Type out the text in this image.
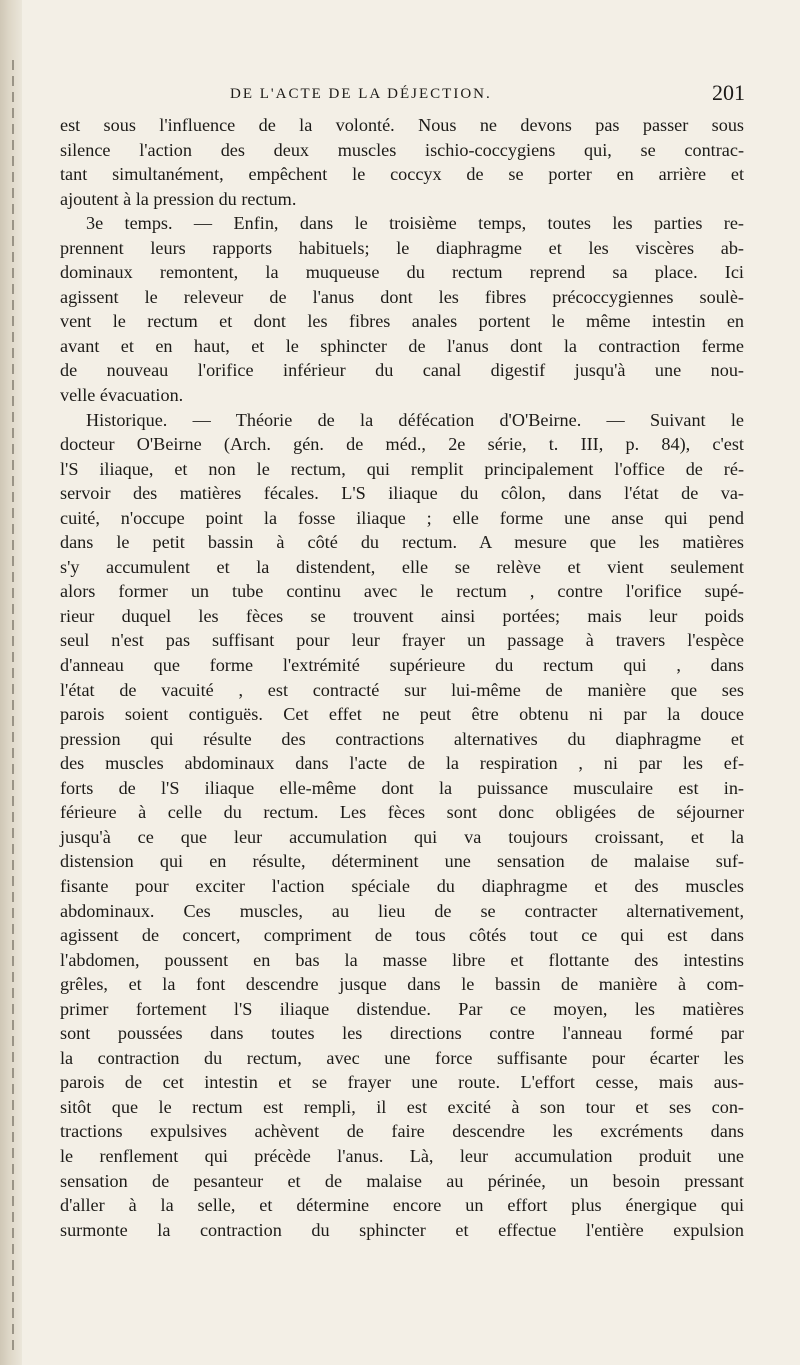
DE L'ACTE DE LA DÉJECTION.	201
est sous l'influence de la volonté. Nous ne devons pas passer sous
silence l'action des deux muscles ischio-coccygiens qui, se contrac-
tant simultanément, empêchent le coccyx de se porter en arrière et
ajoutent à la pression du rectum.
3e temps. — Enfin, dans le troisième temps, toutes les parties re-
prennent leurs rapports habituels; le diaphragme et les viscères ab-
dominaux remontent, la muqueuse du rectum reprend sa place. Ici
agissent le releveur de l'anus dont les fibres précoccygiennes soulè-
vent le rectum et dont les fibres anales portent le même intestin en
avant et en haut, et le sphincter de l'anus dont la contraction ferme
de nouveau l'orifice inférieur du canal digestif jusqu'à une nou-
velle évacuation.
Historique. — Théorie de la défécation d'O'Beirne. — Suivant le
docteur O'Beirne (Arch. gén. de méd., 2e série, t. III, p. 84), c'est
l'S iliaque, et non le rectum, qui remplit principalement l'office de ré-
servoir des matières fécales. L'S iliaque du côlon, dans l'état de va-
cuité, n'occupe point la fosse iliaque ; elle forme une anse qui pend
dans le petit bassin à côté du rectum. A mesure que les matières
s'y accumulent et la distendent, elle se relève et vient seulement
alors former un tube continu avec le rectum , contre l'orifice supé-
rieur duquel les fèces se trouvent ainsi portées; mais leur poids
seul n'est pas suffisant pour leur frayer un passage à travers l'espèce
d'anneau que forme l'extrémité supérieure du rectum qui , dans
l'état de vacuité , est contracté sur lui-même de manière que ses
parois soient contiguës. Cet effet ne peut être obtenu ni par la douce
pression qui résulte des contractions alternatives du diaphragme et
des muscles abdominaux dans l'acte de la respiration , ni par les ef-
forts de l'S iliaque elle-même dont la puissance musculaire est in-
férieure à celle du rectum. Les fèces sont donc obligées de séjourner
jusqu'à ce que leur accumulation qui va toujours croissant, et la
distension qui en résulte, déterminent une sensation de malaise suf-
fisante pour exciter l'action spéciale du diaphragme et des muscles
abdominaux. Ces muscles, au lieu de se contracter alternativement,
agissent de concert, compriment de tous côtés tout ce qui est dans
l'abdomen, poussent en bas la masse libre et flottante des intestins
grêles, et la font descendre jusque dans le bassin de manière à com-
primer fortement l'S iliaque distendue. Par ce moyen, les matières
sont poussées dans toutes les directions contre l'anneau formé par
la contraction du rectum, avec une force suffisante pour écarter les
parois de cet intestin et se frayer une route. L'effort cesse, mais aus-
sitôt que le rectum est rempli, il est excité à son tour et ses con-
tractions expulsives achèvent de faire descendre les excréments dans
le renflement qui précède l'anus. Là, leur accumulation produit une
sensation de pesanteur et de malaise au périnée, un besoin pressant
d'aller à la selle, et détermine encore un effort plus énergique qui
surmonte la contraction du sphincter et effectue l'entière expulsion
